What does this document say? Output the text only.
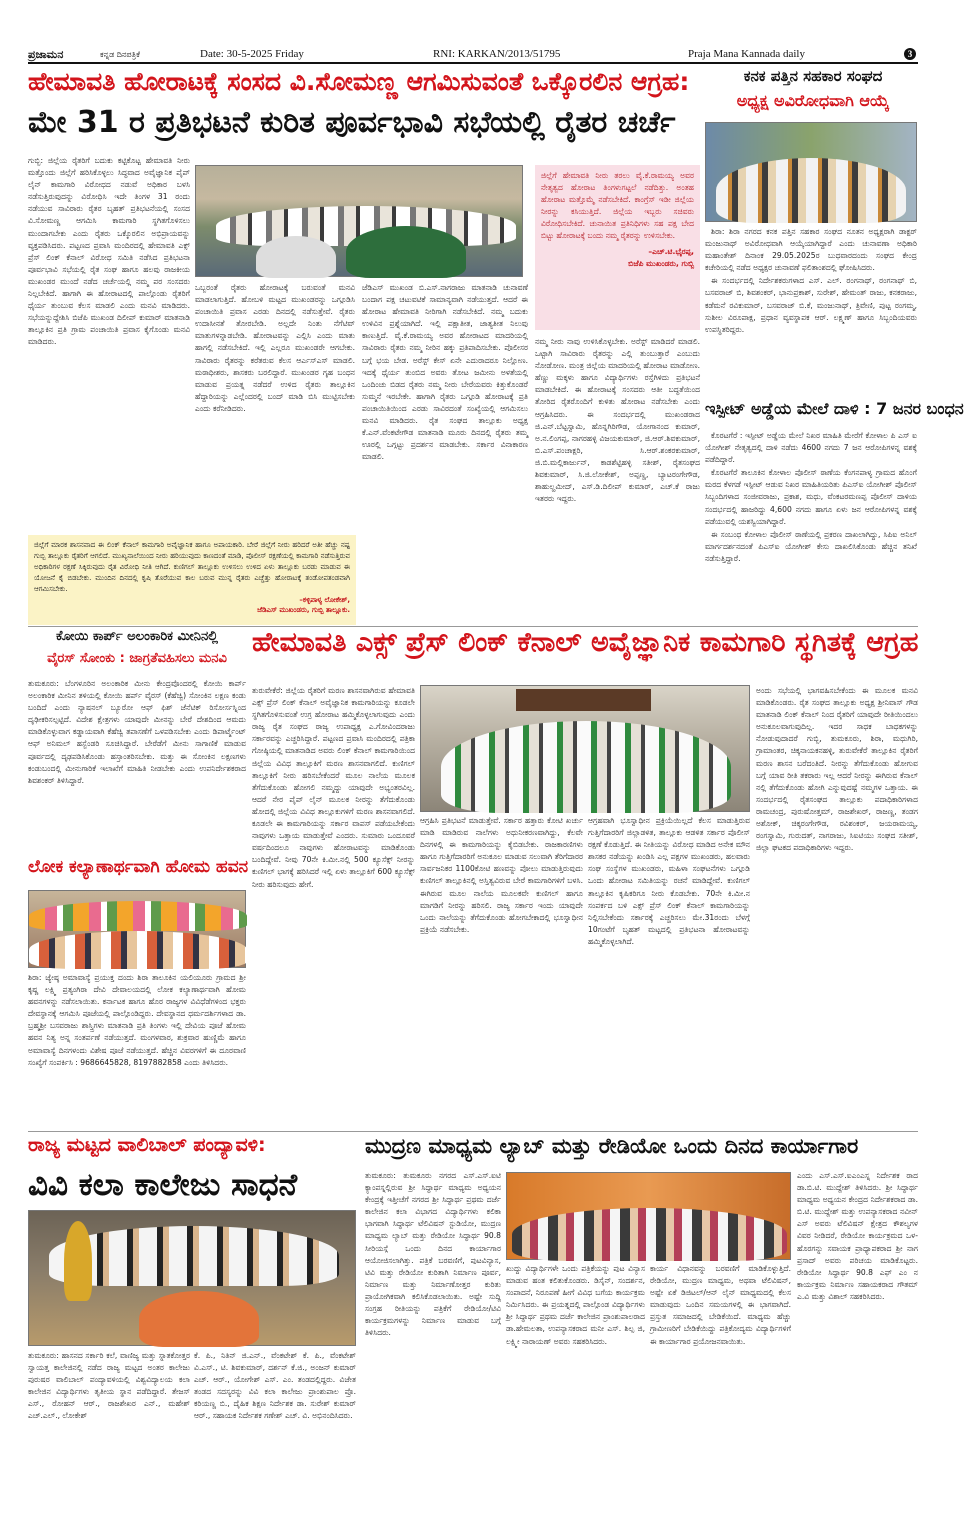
ಪ್ರಜಾಮನ	ಕನ್ನಡ ದಿನಪತ್ರಿಕೆ	Date: 30-5-2025 Friday	RNI: KARKAN/2013/51795	Praja Mana Kannada daily	3
ಹೇಮಾವತಿ ಹೋರಾಟಕ್ಕೆ ಸಂಸದ ವಿ.ಸೋಮಣ್ಣ ಆಗಮಿಸುವಂತೆ ಒಕ್ಕೊರಲಿನ ಆಗ್ರಹ:
ಮೇ 31 ರ ಪ್ರತಿಭಟನೆ ಕುರಿತ ಪೂರ್ವಭಾವಿ ಸಭೆಯಲ್ಲಿ ರೈತರ ಚರ್ಚೆ
ಗುಬ್ಬಿ: ಜಿಲ್ಲೆಯ ರೈತರಿಗೆ ಬದುಕು ಕಟ್ಟಿಕೊಟ್ಟ ಹೇಮಾವತಿ ನೀರು ಮತ್ತೊಂದು ಜಿಲ್ಲೆಗೆ ಹರಿಸಿಕೊಳ್ಳಲು ಸಿದ್ಧವಾದ ಅವೈಜ್ಞಾನಿಕ ಪೈಪ್ ಲೈನ್ ಕಾಮಗಾರಿ ವಿರೋಧದ ನಡುವೆ ಅಧಿಕಾರ ಬಳಸಿ ನಡೆಸುತ್ತಿರುವುದನ್ನು ವಿರೋಧಿಸಿ ಇದೇ ತಿಂಗಳ 31 ರಂದು ನಡೆಯುವ ಸಾವಿರಾರು ರೈತರ ಬೃಹತ್ ಪ್ರತಿಭಟನೆಯಲ್ಲಿ ಸಂಸದ ವಿ.ಸೋಮಣ್ಣ ಆಗಮಿಸಿ ಕಾಮಗಾರಿ ಸ್ಥಗಿತಗೊಳಿಸಲು ಮುಂದಾಗಬೇಕು ಎಂದು ರೈತರು ಒಕ್ಕೊರಲಿನ ಅಭಿಪ್ರಾಯವನ್ನು ವ್ಯಕ್ತಪಡಿಸಿದರು. ಪಟ್ಟಣದ ಪ್ರವಾಸಿ ಮಂದಿರದಲ್ಲಿ ಹೇಮಾವತಿ ಎಕ್ಸ್ ಪ್ರೆಸ್ ಲಿಂಕ್ ಕೆನಾಲ್ ವಿರೋಧ ಸಮಿತಿ ನಡೆಸಿದ ಪ್ರತಿಭಟನಾ ಪೂರ್ವಭಾವಿ ಸಭೆಯಲ್ಲಿ ರೈತ ಸಂಘ ಹಾಗೂ ಹಲವು ರಾಜಕೀಯ ಮುಖಂಡರ ಮುಂದೆ ನಡೆದ ಚರ್ಚೆಯಲ್ಲಿ ನಮ್ಮ ಪರ ಸಂಸದರು ನಿಲ್ಲಬೇಕಿದೆ. ಹಾಗಾಗಿ ಈ ಹೋರಾಟದಲ್ಲಿ ಪಾಲ್ಗೊಂಡು ರೈತರಿಗೆ ಧೈರ್ಯ ತುಂಬುವ ಕೆಲಸ ಮಾಡಲಿ ಎಂದು ಮನವಿ ಮಾಡಿದರು. ಸಭೆಯನ್ನುದ್ದೇಶಿಸಿ ಬಿಜೆಪಿ ಮುಖಂಡ ದಿಲೀಪ್ ಕುಮಾರ್ ಮಾತನಾಡಿ ತಾಲ್ಲೂಕಿನ ಪ್ರತಿ ಗ್ರಾಮ ಪಂಚಾಯಿತಿ ಪ್ರವಾಸ ಕೈಗೊಂಡು ಮನವಿ ಮಾಡಿದರು.
ಜಿಲ್ಲೆಗೆ ಹೇಮಾವತಿ ನೀರು ತರಲು ವೈ.ಕೆ.ರಾಮಯ್ಯ ಅವರ ನೇತೃತ್ವದ ಹೋರಾಟ ತಿಂಗಳುಗಟ್ಟಲೆ ನಡೆದಿತ್ತು. ಅಂತಹ ಹೋರಾಟ ಮತ್ತೊಮ್ಮೆ ನಡೆಸಬೇಕಿದೆ. ಕಾಂಗ್ರೆಸ್ ಇಡೀ ಜಿಲ್ಲೆಯ ನೀರನ್ನು ಕಸಿಯುತ್ತಿದೆ. ಜಿಲ್ಲೆಯ ಇಬ್ಬರು ಸಚಿವರು ವಿರೋಧಿಸಬೇಕಿದೆ. ಚುನಾಯಿತ ಪ್ರತಿನಿಧಿಗಳು ಸಹ ಪಕ್ಷ ಬೇದ ಬಿಟ್ಟು ಹೋರಾಟಕ್ಕೆ ಬಂದು ನಮ್ಮ ರೈತರನ್ನು ಉಳಿಸಬೇಕು.
–ಎಚ್.ಟಿ.ಭೈರಪ್ಪ,
ಬಿಜೆಪಿ ಮುಖಂಡರು, ಗುಬ್ಬಿ
ಒಬ್ಬರಂತೆ ರೈತರು ಹೋರಾಟಕ್ಕೆ ಬರುವಂತೆ ಮನವಿ ಮಾಡಲಾಗುತ್ತಿದೆ. ಹೋಬಳಿ ಮಟ್ಟದ ಮುಖಂಡರನ್ನು ಒಗ್ಗೂಡಿಸಿ ಪಂಚಾಯಿತಿ ಪ್ರವಾಸ ಎರಡು ದಿನದಲ್ಲಿ ನಡೆಸುತ್ತೇವೆ. ರೈತರು ಉದಾಸೀನತೆ ತೋರಬೇಡಿ. ಅಲ್ಲದೇ ನಿಂತು ನೆಗೆಟಿವ್ ಮಾತುಗಳನ್ನಾಡಬೇಡಿ. ಹೋರಾಟವನ್ನು ಎಲ್ಲಿಸಿ ಎಂದು ಮಾತು ಹಾಗಲ್ಲಿ ನಡೆಸಬೇಕಿದೆ. ಇಲ್ಲಿ ಎಲ್ಲರೂ ಮುಖಂಡರೇ ಆಗಬೇಕು. ಸಾವಿರಾರು ರೈತರನ್ನು ಕರೆತರುವ ಕೆಲಸ ಆರ್ಎಸ್ಎಸ್ ಮಾಡಲಿ. ಮಠಾಧೀಶರು, ಶಾಸಕರು ಬರಲಿದ್ದಾರೆ. ಮುಖಂಡರ ಗೃಹ ಬಂಧನ ಮಾಡುವ ಪ್ರಯತ್ನ ನಡೆದರೆ ಉಳಿದ ರೈತರು ತಾಲ್ಲೂಕಿನ ಹೆದ್ದಾರಿಯನ್ನು ಎಲ್ಲೆಂದರಲ್ಲಿ ಬಂದ್ ಮಾಡಿ ಬಿಸಿ ಮುಟ್ಟಿಸಬೇಕು ಎಂದು ಕರೆನೀಡಿದರು.
ಜೆಡಿಎಸ್ ಮುಖಂಡ ಬಿ.ಎಸ್.ನಾಗರಾಜು ಮಾತನಾಡಿ ಚುನಾವಣೆ ಬಂದಾಗ ಪಕ್ಷ ಚಟುವಟಿಕೆ ಸಾಮಾನ್ಯವಾಗಿ ನಡೆಯುತ್ತದೆ. ಆದರೆ ಈ ಹೋರಾಟ ಹೇಮಾವತಿ ನೀರಿಗಾಗಿ ನಡೆಸಬೇಕಿದೆ. ನಮ್ಮ ಬದುಕು ಉಳಿವಿನ ಪ್ರಶ್ನೆಯಾಗಿದೆ. ಇಲ್ಲಿ ಪಕ್ಷಾತೀತ, ಜಾತ್ಯತೀತ ನಿಲುವು ಕಾಣುತ್ತಿದೆ. ವೈ.ಕೆ.ರಾಮಯ್ಯ ಅವರ ಹೋರಾಟದ ಮಾದರಿಯಲ್ಲಿ ಸಾವಿರಾರು ರೈತರು ನಮ್ಮ ನೀರಿನ ಹಕ್ಕು ಪ್ರತಿಪಾದಿಸಬೇಕು. ಪೊಲೀಸರ ಬಗ್ಗೆ ಭಯ ಬೇಡ. ಅರೆಸ್ಟ್ ಕೇಸ್ ಏನೇ ಎದುರಾದರೂ ನಿಲ್ಲೋಣ. ಇದಕ್ಕೆ ಧೈರ್ಯ ತುಂಬಿದ ಅವರು ತೋಟ ಜಮೀನು ಅಳತೆಯಲ್ಲಿ ಒಂದಿಂಚು ಬಿಡದ ರೈತರು ನಮ್ಮ ನೀರು ಬೇರೆಯವರು ಕಿತ್ತುಕೊಂಡರೆ ಸುಮ್ಮನೆ ಇರಬೇಕೇ. ಹಾಗಾಗಿ ರೈತರು ಒಗ್ಗೂಡಿ ಹೋರಾಟಕ್ಕೆ ಪ್ರತಿ ಪಂಚಾಯಿತಿಯಿಂದ ಎರಡು ಸಾವಿರದಂತೆ ಸಂಖ್ಯೆಯಲ್ಲಿ ಆಗಮಿಸಲು ಮನವಿ ಮಾಡಿದರು. ರೈತ ಸಂಘದ ತಾಲ್ಲೂಕು ಅಧ್ಯಕ್ಷ ಕೆ.ಎನ್.ವೆಂಕಟೇಗೌಡ ಮಾತನಾಡಿ ಮೂರು ದಿನದಲ್ಲಿ ರೈತರು ತಮ್ಮ ಊರಲ್ಲಿ ಒಗ್ಗಟ್ಟು ಪ್ರದರ್ಶನ ಮಾಡಬೇಕು. ಸರ್ಕಾರ ವಿನಾಕಾರಣ ಮಾಡಲಿ.
ನಮ್ಮ ನೀರು ನಾವು ಉಳಿಸಿಕೊಳ್ಳಬೇಕು. ಅರೆಸ್ಟ್ ಮಾಡಿದರೆ ಮಾಡಲಿ. ಒಟ್ಟಾಗಿ ಸಾವಿರಾರು ರೈತರನ್ನು ಎಲ್ಲಿ ತುಂಬುತ್ತಾರೆ ಎಂಬುದು ನೋಡೋಣ. ಮಂತ್ರ ಜಿಲ್ಲೆಯ ಮಾದರಿಯಲ್ಲಿ ಹೋರಾಟ ಮಾಡೋಣ. ಹೆಣ್ಣು ಮಕ್ಕಳು ಹಾಗೂ ವಿದ್ಯಾರ್ಥಿಗಳು ರಸ್ತೆಗಿಳಿದು ಪ್ರತಿಭಟನೆ ಮಾಡಬೇಕಿದೆ. ಈ ಹೋರಾಟಕ್ಕೆ ಸಂಸದರು ಆತೀ ಬದ್ಧತೆಯಿಂದ ತೋರಿದ ರೈತರೊಂದಿಗೆ ಕುಳಿತು ಹೋರಾಟ ನಡೆಸಬೇಕು ಎಂದು ಆಗ್ರಹಿಸಿದರು. ಈ ಸಂದರ್ಭದಲ್ಲಿ ಮುಖಂಡರಾದ ಜಿ.ಎನ್.ಬೆಟ್ಟಸ್ವಾಮಿ, ಹೊನ್ನಗಿರಿಗೌಡ, ಯೋಗಾನಂದ ಕುಮಾರ್, ಅ.ನ.ಲಿಂಗಪ್ಪ, ನಾಗರಹಳ್ಳಿ ವಿಜಯಕುಮಾರ್, ಜಿ.ಆರ್.ಶಿವಕುಮಾರ್, ಬಿ.ಎಸ್.ಪಂಚಾಕ್ಷರಿ, ಸಿ.ಆರ್.ಶಂಕರಕುಮಾರ್, ಜಿ.ಬಿ.ಮಲ್ಲಿಕಾರ್ಜುನ್, ಕಾಡಶೆಟ್ಟಿಹಳ್ಳಿ ಸತೀಶ್, ರೈತಸಂಘದ ಶಿವಕುಮಾರ್, ಸಿ.ಜಿ.ಲೋಕೇಶ್, ಅಪ್ಪಣ್ಣ, ಬ್ಯಾಟರಂಗೇಗೌಡ, ಶಾಹುಲ್ಹಮೀದ್, ಎಸ್.ಡಿ.ದಿಲೀಪ್ ಕುಮಾರ್, ಎಚ್.ಕೆ ರಾಜು ಇತರರು ಇದ್ದರು.
ಜಿಲ್ಲೆಗೆ ಮಾರಕ ಶಾಸನವಾದ ಈ ಲಿಂಕ್ ಕೆನಾಲ್ ಕಾಮಗಾರಿ ಅವೈಜ್ಞಾನಿಕ ಹಾಗೂ ಅಪಾಯಕಾರಿ. ಬೇರೆ ಜಿಲ್ಲೆಗೆ ನೀರು ಹರಿದರೆ ಅತೀ ಹೆಚ್ಚು ನಷ್ಟ ಗುಬ್ಬಿ ತಾಲ್ಲೂಕು ರೈತರಿಗೆ ಆಗಲಿದೆ. ಮುಖ್ಯನಾಲೆಯಿಂದ ನೀರು ಹರಿಯುವುದು ಕಾಣದಂತೆ ಮಾಡಿ, ಪೊಲೀಸ್ ರಕ್ಷಣೆಯಲ್ಲಿ ಕಾಮಗಾರಿ ನಡೆಸುತ್ತಿರುವ ಅಧಿಕಾರಿಗಳ ರಕ್ಷಣೆ ಸಿಕ್ಕಿರುವುದು ರೈತ ವಿರೋಧಿ ನೀತಿ ಆಗಿದೆ. ಕುಣಿಗಲ್ ತಾಲ್ಲೂಕು ಉಳಿಸಲು ಉಳಿದ ಏಳು ತಾಲ್ಲೂಕು ಬರಡು ಮಾಡುವ ಈ ಯೋಜನೆ ಕೈ ಬಿಡಬೇಕು. ಮುಂದಿನ ದಿನದಲ್ಲಿ ಕೃಷಿ ತೊರೆಯುವ ಕಾಲ ಬರುವ ಮುನ್ನ ರೈತರು ಎಚ್ಚೆತ್ತು ಹೋರಾಟಕ್ಕೆ ತಂಡೋಪತಂಡವಾಗಿ ಆಗಮಿಸಬೇಕು.
–ಕಳ್ಳಿಪಾಳ್ಯ ಲೋಕೇಶ್,
ಜೆಡಿಎಸ್ ಮುಖಂಡರು, ಗುಬ್ಬಿ ತಾಲ್ಲೂಕು.
ಕನಕ ಪತ್ತಿನ ಸಹಕಾರ ಸಂಘದ
ಅಧ್ಯಕ್ಷ ಅವಿರೋಧವಾಗಿ ಆಯ್ಕೆ

ಶಿರಾ: ಶಿರಾ ನಗರದ ಕನಕ ಪತ್ತಿನ ಸಹಕಾರ ಸಂಘದ ನೂತನ ಅಧ್ಯಕ್ಷರಾಗಿ ಡಾಕ್ಟರ್ ಮಂಜುನಾಥ್ ಅವಿರೋಧವಾಗಿ ಆಯ್ಕೆಯಾಗಿದ್ದಾರೆ ಎಂದು ಚುನಾವಣಾ ಅಧಿಕಾರಿ ಮಹಾಂತೇಶ್ ದಿನಾಂಕ 29.05.2025ರ ಬುಧವಾರದಂದು ಸಂಘದ ಕೇಂದ್ರ ಕಚೇರಿಯಲ್ಲಿ ನಡೆದ ಅಧ್ಯಕ್ಷರ ಚುನಾವಣೆ ಫಲಿತಾಂಶದಲ್ಲಿ ಘೋಷಿಸಿದರು.

ಈ ಸಂದರ್ಭದಲ್ಲಿ ನಿರ್ದೇಶಕರುಗಳಾದ ಎಸ್. ಎಲ್. ರಂಗನಾಥ್, ರಂಗನಾಥ್ ಬಿ, ಬಸವರಾಜ್ ಬಿ, ಶಿವಶಂಕರ್, ಭಾನುಪ್ರಕಾಶ್, ಸುರೇಶ್, ಹೇಮಂತ್ ರಾಜು, ಕನಕರಾಜು, ಕಡೆಮನೆ ರವಿಕುಮಾರ್, ಬಸವರಾಜ್ ಬಿ.ಕೆ, ಮಂಜುನಾಥ್, ತ್ರಿವೇಣಿ, ಪುಟ್ಟ ರಂಗಮ್ಮ, ಸುಶೀಲ ವಿರೂಪಾಕ್ಷ, ಪ್ರಧಾನ ವ್ಯವಸ್ಥಾಪಕ ಆರ್. ಲಕ್ಷ್ಮಣ್ ಹಾಗೂ ಸಿಬ್ಬಂದಿಯವರು ಉಪಸ್ಥಿತರಿದ್ದರು.

ಇಸ್ಪೀಟ್ ಅಡ್ಡೆಯ ಮೇಲೆ ದಾಳಿ : 7 ಜನರ ಬಂಧನ

ಕೊರಟಗೆರೆ : ಇಸ್ಪೀಟ್ ಅಡ್ಡೆಯ ಮೇಲೆ ನಿಖರ ಮಾಹಿತಿ ಮೇರೆಗೆ ಕೋಳಾಲ ಪಿ ಎಸ್ ಐ ಯೋಗೀಶ್ ನೇತೃತ್ವದಲ್ಲಿ ದಾಳಿ ನಡೆದು 4600 ನಗದು 7 ಜನ ಆರೋಪಿಗಳನ್ನ ವಶಕ್ಕೆ ಪಡೆದಿದ್ದಾರೆ.

ಕೊರಟಗೆರೆ ತಾಲೂಕಿನ ಕೋಳಾಲ ಪೊಲೀಸ್ ಠಾಣೆಯ ಕೆಂಗನಪಾಳ್ಯ ಗ್ರಾಮದ ಹೊಂಗೆ ಮರದ ಕೆಳಗಡೆ ಇಸ್ಪೀಟ್ ಆಡುವ ನಿಖರ ಮಾಹಿತಿಯರಿತು ಪಿಎಸ್ಐ ಯೋಗೀಶ್ ಪೊಲೀಸ್ ಸಿಬ್ಬಂದಿಗಳಾದ ಸಂಜೀವರಾಜು, ಪ್ರಕಾಶ, ಮಧು, ವೆಂಕಟರಮಣಪ್ಪ ಪೊಲೀಸ್ ದಾಳಿಯ ಸಂದರ್ಭದಲ್ಲಿ ಹಾಜರಿದ್ದು 4,600 ನಗದು ಹಾಗೂ ಏಳು ಜನ ಆರೋಪಿಗಳನ್ನ ವಶಕ್ಕೆ ಪಡೆಯುವಲ್ಲಿ ಯಶಸ್ವಿಯಾಗಿದ್ದಾರೆ.

ಈ ಸಂಬಂಧ ಕೋಳಾಲ ಪೊಲೀಸ್ ಠಾಣೆಯಲ್ಲಿ ಪ್ರಕರಣ ದಾಖಲಾಗಿದ್ದು, ಸಿಪಿಐ ಅನಿಲ್ ಮಾರ್ಗದರ್ಶನದಂತೆ ಪಿಎಸ್ಐ ಯೋಗೀಶ್ ಕೇಸು ದಾಖಲಿಸಿಕೊಂಡು ಹೆಚ್ಚಿನ ತನಿಖೆ ನಡೆಸುತ್ತಿದ್ದಾರೆ.

ಕೋಯಿ ಕಾರ್ಪ್ ಅಲಂಕಾರಿಕ ಮೀನಿನಲ್ಲಿ
ವೈರಸ್ ಸೋಂಕು : ಜಾಗ್ರತೆವಹಿಸಲು ಮನವಿ
ತುಮಕೂರು: ಬೆಂಗಳೂರಿನ ಅಲಂಕಾರಿಕ ಮೀನು ಕೇಂದ್ರವೊಂದರಲ್ಲಿ ಕೋಯಿ ಕಾರ್ಪ್ ಅಲಂಕಾರಿಕ ಮೀನಿನ ತಳಿಯಲ್ಲಿ ಕೋಯಿ ಹರ್ಪ್ ವೈರಸ್ (ಕೆಹೆಚ್ವಿ) ಸೋಂಕಿನ ಲಕ್ಷಣ ಕಂಡು ಬಂದಿದೆ ಎಂದು ನ್ಯಾಷನಲ್ ಬ್ಯೂರೋ ಆಫ್ ಫಿಶ್ ಜೆನೆಟಿಕ್ ರಿಸೋರ್ಸಸ್ನಿಂದ ದೃಢೀಕರಿಸಲ್ಪಟ್ಟಿದೆ. ವಿದೇಶ ಕ್ಷೇತ್ರಗಳು ಯಾವುದೇ ಮೀನನ್ನು ಬೇರೆ ದೇಶದಿಂದ ಆಮದು ಮಾಡಿಕೊಳ್ಳುವಾಗ ಕಡ್ಡಾಯವಾಗಿ ಕೆಹೆಚ್ವಿ ತಪಾಸಣೆಗೆ ಒಳಪಡಿಸಬೇಕು ಎಂದು ಡಿಪಾರ್ಟ್ಮೆಂಟ್ ಆಫ್ ಅನಿಮಲ್ ಹಸ್ಬೆಂಡರಿ ಸೂಚಿಸಿದ್ದಾರೆ. ಬೇರೆಡೆಗೆ ಮೀನು ಸಾಗಾಣಿಕೆ ಮಾಡುವ ಪೂರ್ವದಲ್ಲಿ ದೃಢಪಡಿಸಿಕೊಂಡು ಹಸ್ತಾಂತರಿಸಬೇಕು. ಮತ್ತು ಈ ಸೋಂಕಿನ ಲಕ್ಷಣಗಳು ಕಂಡುಬಂದಲ್ಲಿ ಮೀನುಗಾರಿಕೆ ಇಲಾಖೆಗೆ ಮಾಹಿತಿ ನೀಡಬೇಕು ಎಂದು ಉಪನಿರ್ದೇಶಕರಾದ ಶಿವಶಂಕರ್ ತಿಳಿಸಿದ್ದಾರೆ.
ಲೋಕ ಕಲ್ಯಾಣಾರ್ಥವಾಗಿ ಹೋಮ ಹವನ
ಶಿರಾ: ಜ್ಯೇಷ್ಠ ಅಮಾವಾಸ್ಯೆ ಪ್ರಯುಕ್ತ ದಂದು ಶಿರಾ ತಾಲೂಕಿನ ಯಲಿಯೂರು ಗ್ರಾಮದ ಶ್ರೀ ಕೃಷ್ಣ ಲಕ್ಷ್ಮಿ ಪ್ರತ್ಯಂಗಿರಾ ದೇವಿ ದೇವಾಲಯದಲ್ಲಿ ಲೋಕ ಕಲ್ಯಾಣಾರ್ಥವಾಗಿ ಹೋಮ ಹವನಗಳನ್ನು ನಡೆಸಲಾಯಿತು. ಕರ್ನಾಟಕ ಹಾಗೂ ಹೊರ ರಾಜ್ಯಗಳ ವಿವಿಧೆಡೆಗಳಿಂದ ಭಕ್ತರು ದೇವಸ್ಥಾನಕ್ಕೆ ಆಗಮಿಸಿ ಪೂಜೆಯಲ್ಲಿ ಪಾಲ್ಗೊಂಡಿದ್ದರು. ದೇವಸ್ಥಾನದ ಧರ್ಮದರ್ಶಿಗಳಾದ ಡಾ. ಬ್ರಹ್ಮಶ್ರೀ ಬಸವರಾಜು ಶಾಸ್ತ್ರಿಗಳು ಮಾತನಾಡಿ ಪ್ರತಿ ತಿಂಗಳು ಇಲ್ಲಿ ದೇವಿಯ ಪೂಜೆ ಹೋಮ ಹವನ ನಿತ್ಯ ಅನ್ನ ಸಂತರ್ಪಣೆ ನಡೆಯುತ್ತದೆ. ಮಂಗಳವಾರ, ಶುಕ್ರವಾರ ಹುಣ್ಣಿಮೆ ಹಾಗೂ ಅಮಾವಾಸ್ಯೆ ದಿನಗಳಂದು ವಿಶೇಷ ಪೂಜೆ ನಡೆಯುತ್ತದೆ. ಹೆಚ್ಚಿನ ವಿವರಗಳಿಗೆ ಈ ದೂರವಾಣಿ ಸಂಖ್ಯೆಗೆ ಸಂಪರ್ಕಿಸಿ : 9686645828, 8197882858 ಎಂದು ತಿಳಿಸಿದರು.
ಹೇಮಾವತಿ ಎಕ್ಸ್ ಪ್ರೆಸ್ ಲಿಂಕ್ ಕೆನಾಲ್ ಅವೈಜ್ಞಾನಿಕ ಕಾಮಗಾರಿ ಸ್ಥಗಿತಕ್ಕೆ ಆಗ್ರಹ
ತುರುವೇಕೆರೆ: ಜಿಲ್ಲೆಯ ರೈತರಿಗೆ ಮರಣ ಶಾಸನವಾಗಿರುವ ಹೇಮಾವತಿ ಎಕ್ಸ್ ಪ್ರೆಸ್ ಲಿಂಕ್ ಕೆನಾಲ್ ಅವೈಜ್ಞಾನಿಕ ಕಾಮಗಾರಿಯನ್ನು ಕೂಡಲೇ ಸ್ಥಗಿತಗೊಳಿಸುವಂತೆ ಉಗ್ರ ಹೋರಾಟ ಹಮ್ಮಿಕೊಳ್ಳಲಾಗುವುದು ಎಂದು ರಾಜ್ಯ ರೈತ ಸಂಘದ ರಾಜ್ಯ ಉಪಾಧ್ಯಕ್ಷ ಎ.ಗೋವಿಂದರಾಜು ಸರ್ಕಾರವನ್ನು ಎಚ್ಚರಿಸಿದ್ದಾರೆ. ಪಟ್ಟಣದ ಪ್ರವಾಸಿ ಮಂದಿರದಲ್ಲಿ ಪತ್ರಿಕಾ ಗೋಷ್ಠಿಯಲ್ಲಿ ಮಾತನಾಡಿದ ಅವರು ಲಿಂಕ್ ಕೆನಾಲ್ ಕಾಮಗಾರಿಯಿಂದ ಜಿಲ್ಲೆಯ ವಿವಿಧ ತಾಲ್ಲೂಕಿಗೆ ಮರಣ ಶಾಸನವಾಗಲಿದೆ. ಕುಣಿಗಲ್ ತಾಲ್ಲೂಕಿಗೆ ನೀರು ಹರಿಸಬೇಕೆಂದರೆ ಮೂಲ ನಾಲೆಯ ಮೂಲಕ ತೆಗೆದುಕೊಂಡು ಹೋಗಲಿ ನಮ್ಮದ್ದು ಯಾವುದೇ ಅಭ್ಯಂತರವಿಲ್ಲ. ಆದರೆ ನೇರ ಪೈಪ್ ಲೈನ್ ಮೂಲಕ ನೀರನ್ನು ತೆಗೆದುಕೊಂಡು ಹೋದಲ್ಲಿ ಜಿಲ್ಲೆಯ ವಿವಿಧ ತಾಲ್ಲೂಕುಗಳಿಗೆ ಮರಣ ಶಾಸನವಾಗಲಿದೆ. ಕೂಡಲೇ ಈ ಕಾಮಗಾರಿಯನ್ನು ಸರ್ಕಾರ ವಾಪಸ್ ಪಡೆಯಬೇಕೆಂದು ನಾವುಗಳು ಒತ್ತಾಯ ಮಾಡುತ್ತೇವೆ ಎಂದರು. ಸುಮಾರು ಒಂದೂವರೆ ವರ್ಷದಿಂದಲೂ ನಾವುಗಳು ಹೋರಾಟವನ್ನು ಮಾಡಿಕೊಂಡು ಬಂದಿದ್ದೇವೆ. ನೀವು 70ನೇ ಕಿ.ಮೀ.ನಲ್ಲಿ 500 ಕ್ಯೂಸೆಕ್ಸ್ ನೀರನ್ನು ಕುಣಿಗಲ್ ಭಾಗಕ್ಕೆ ಹರಿಸಿದರೆ ಇಲ್ಲಿ ಏಳು ತಾಲ್ಲೂಕಿಗೆ 600 ಕ್ಯೂಸೆಕ್ಸ್ ನೀರು ಹರಿಸುವುದು ಹೇಗೆ.
ಆಗ್ರಹಿಸಿ ಪ್ರತಿಭಟನೆ ಮಾಡುತ್ತೇವೆ. ಸರ್ಕಾರ ಹತ್ತಾರು ಕೋಟಿ ಖರ್ಚು ಮಾಡಿ ಮಾಡಿರುವ ನಾಲೆಗಳು ಅಧುನೀಕರಣವಾಗಿದ್ದು, ಕೆಲವೇ ದಿನಗಳಲ್ಲಿ ಈ ಕಾಮಗಾರಿಯನ್ನು ಕೈಬಿಡಬೇಕು. ರಾಜಕಾರಣಿಗಳು ಹಾಗೂ ಗುತ್ತಿಗೆದಾರರಿಗೆ ಅನುಕೂಲ ಮಾಡುವ ಸಲುವಾಗಿ ತೆರಿಗೆದಾರರ ಸಾರ್ವಜನಿಕರ 1100ಕೋಟಿ ಹಣವನ್ನು ಪೋಲು ಮಾಡುತ್ತಿರುವುದು ಕುಣಿಗಲ್ ತಾಲ್ಲೂಕಿನಲ್ಲಿ ಅಸ್ತಿತ್ವವಿರುವ ಬೇರೆ ಕಾಮಗಾರಿಗಳಿಗೆ ಬಳಸಿ. ಈಗಿರುವ ಮೂಲ ನಾಲೆಯ ಮೂಲಕವೇ ಕುಣಿಗಲ್ ಹಾಗೂ ಮಾಗಡಿಗೆ ನೀರನ್ನು ಹರಿಸಲಿ. ರಾಜ್ಯ ಸರ್ಕಾರ ಇಂದು ಯಾವುದೇ ಒಂದು ನಾಲೆಯನ್ನು ತೆಗೆದುಕೊಂಡು ಹೋಗಬೇಕಾದಲ್ಲಿ ಭೂಸ್ವಾಧೀನ ಪ್ರಕ್ರಿಯೆ ನಡೆಸಬೇಕು.
ಆಗ್ರಹವಾಗಿ ಭೂಸ್ವಾಧೀನ ಪ್ರಕ್ರಿಯೆಯಿಲ್ಲದೆ ಕೆಲಸ ಮಾಡುತ್ತಿರುವ ಗುತ್ತಿಗೆದಾರರಿಗೆ ಜಿಲ್ಲಾಡಳಿತ, ತಾಲ್ಲೂಕು ಆಡಳಿತ ಸರ್ಕಾರ ಪೊಲೀಸ್ ರಕ್ಷಣೆ ಕೊಡುತ್ತಿದೆ. ಈ ನೀತಿಯನ್ನು ವಿರೋಧ ಮಾಡಿದ ಅನೇಕ ಮೌನ ಶಾಸಕರ ನಡೆಯನ್ನು ಖಂಡಿಸಿ ಎಲ್ಲ ಪಕ್ಷಗಳ ಮುಖಂಡರು, ಹಲವಾರು ಸಂಘ ಸಂಸ್ಥೆಗಳ ಮುಖಂಡರು, ಮಹಿಳಾ ಸಂಘಟನೆಗಳು ಒಗ್ಗೂಡಿ ಒಂದು ಹೋರಾಟ ಸಮಿತಿಯನ್ನು ರಚನೆ ಮಾಡಿದ್ದೇವೆ. ಕುಣಿಗಲ್ ತಾಲ್ಲೂಕಿನ ಕೃಷಿಕರಿಗೂ ನೀರು ಕೊಡಬೇಕು. 70ನೇ ಕಿ.ಮೀ.ನ ಸಂಪರ್ಕದ ಬಳಿ ಎಕ್ಸ್ ಪ್ರೆಸ್ ಲಿಂಕ್ ಕೆನಾಲ್ ಕಾಮಗಾರಿಯನ್ನು ನಿಲ್ಲಿಸಬೇಕೆಂದು ಸರ್ಕಾರಕ್ಕೆ ಎಚ್ಚರಿಸಲು ಮೇ.31ರಂದು ಬೆಳಗ್ಗೆ 10ಗಂಟೆಗೆ ಬೃಹತ್ ಮಟ್ಟದಲ್ಲಿ ಪ್ರತಿಭಟನಾ ಹೋರಾಟವನ್ನು ಹಮ್ಮಿಕೊಳ್ಳಲಾಗಿದೆ.
ಅಂದು ಸಭೆಯಲ್ಲಿ ಭಾಗವಹಿಸಬೇಕೆಂದು ಈ ಮೂಲಕ ಮನವಿ ಮಾಡಿಕೊಂಡರು. ರೈತ ಸಂಘದ ತಾಲ್ಲೂಕು ಅಧ್ಯಕ್ಷ ಶ್ರೀನಿವಾಸ್ ಗೌಡ ಮಾತನಾಡಿ ಲಿಂಕ್ ಕೆನಾಲ್ ನಿಂದ ರೈತರಿಗೆ ಯಾವುದೇ ರೀತಿಯಿಂದಲು ಅನುಕೂಲವಾಗುವುದಿಲ್ಲ. ಇದರ ಸಾಧಕ ಬಾಧಕಗಳನ್ನು ನೋಡುವುದಾದರೆ ಗುಬ್ಬಿ, ತುಮಕೂರು, ಶಿರಾ, ಮಧುಗಿರಿ, ಗ್ರಾಮಾಂತರ, ಚಿಕ್ಕನಾಯಕನಹಳ್ಳಿ, ತುರುವೇಕೆರೆ ತಾಲ್ಲೂಕಿನ ರೈತರಿಗೆ ಮರಣ ಶಾಸನ ಬರೆದಂತಿದೆ. ನೀರನ್ನು ತೆಗೆದುಕೊಂಡು ಹೋಗುವ ಬಗ್ಗೆ ಯಾವ ರೀತಿ ತಕರಾರು ಇಲ್ಲ ಆದರೆ ನೀರನ್ನು ಈಗಿರುವ ಕೆನಾಲ್ ನಲ್ಲಿ ತೆಗೆದುಕೊಂಡು ಹೋಗಿ ಎನ್ನುವುದಷ್ಟೆ ನಮ್ಮಗಳ ಒತ್ತಾಯ. ಈ ಸಂದರ್ಭದಲ್ಲಿ ರೈತಸಂಘದ ತಾಲ್ಲೂಕು ಪದಾಧಿಕಾರಿಗಳಾದ ರಾಮಚಂದ್ರ, ಪುರುಷೋತ್ತಮ್, ರಾಜಶೇಖರ್, ರಾಜಣ್ಣ, ತಂಡಗ ಅಶೋಕ್, ಚಿಕ್ಕರಂಗೇಗೌಡ, ರವಿಶಂಕರ್, ಜಯರಾಮಯ್ಯ, ರಂಗಸ್ವಾಮಿ, ಗುರುದತ್, ನಾಗರಾಜು, ಸಿಐಟಿಯು ಸಂಘದ ಸತೀಶ್, ಜಿಲ್ಲಾ ಘಟಕದ ಪದಾಧಿಕಾರಿಗಳು ಇದ್ದರು.
ರಾಜ್ಯ ಮಟ್ಟದ ವಾಲಿಬಾಲ್ ಪಂದ್ಯಾವಳಿ:
ವಿವಿ ಕಲಾ ಕಾಲೇಜು ಸಾಧನೆ
ತುಮಕೂರು: ಹಾಸನದ ಸರ್ಕಾರಿ ಕಲೆ, ವಾಣಿಜ್ಯ ಮತ್ತು ಸ್ನಾತಕೋತ್ತರ ಸ್ವಾಯತ್ತ ಕಾಲೇಜಿನಲ್ಲಿ ನಡೆದ ರಾಜ್ಯ ಮಟ್ಟದ ಅಂತರ ಕಾಲೇಜು ಪುರುಷರ ವಾಲಿಬಾಲ್ ಪಂದ್ಯಾವಳಿಯಲ್ಲಿ ವಿಶ್ವವಿದ್ಯಾಲಯ ಕಲಾ ಕಾಲೇಜಿನ ವಿದ್ಯಾರ್ಥಿಗಳು ತೃತೀಯ ಸ್ಥಾನ ಪಡೆದಿದ್ದಾರೆ. ತೇಜಸ್ ಎಸ್., ರೋಹನ್ ಆರ್., ರಾಜಶೇಖರ ಎನ್., ಮಹೇಶ್ ಎಚ್.ಎಲ್., ಲೋಕೇಶ್
ಕೆ. ಪಿ., ನಿತಿನ್ ಜಿ.ಎನ್., ವೆಂಕಟೇಶ್ ಕೆ. ಪಿ., ವೆಂಕಟೇಶ್ ವಿ.ಎಸ್., ಟಿ. ಶಿವಕುಮಾರ್, ದರ್ಶನ್ ಕೆ.ಜಿ., ಅಂಜನ್ ಕುಮಾರ್ ಎಚ್. ಆರ್., ಯೋಗೇಶ್ ಎಸ್. ಎಂ. ತಂಡದಲ್ಲಿದ್ದರು. ವಿಜೇತ ತಂಡದ ಸದಸ್ಯರನ್ನು ವಿವಿ ಕಲಾ ಕಾಲೇಜು ಪ್ರಾಂಶುಪಾಲ ಪ್ರೊ. ಕರಿಯಣ್ಣ ಬಿ., ದೈಹಿಕ ಶಿಕ್ಷಣ ನಿರ್ದೇಶಕ ಡಾ. ಸುರೇಶ್ ಕುಮಾರ್ ಆರ್., ಸಹಾಯಕ ನಿರ್ದೇಶಕ ಗಣೇಶ್ ಎಚ್. ವಿ. ಅಭಿನಂದಿಸಿದರು.
ಮುದ್ರಣ ಮಾಧ್ಯಮ ಲ್ಯಾಬ್ ಮತ್ತು ರೇಡಿಯೋ ಒಂದು ದಿನದ ಕಾರ್ಯಾಗಾರ
ತುಮಕೂರು: ತುಮಕೂರು ನಗರದ ಎಸ್.ಎಸ್.ಐಟಿ ಕ್ಯಾಂಪಸ್ನಲ್ಲಿರುವ ಶ್ರೀ ಸಿದ್ಧಾರ್ಥ ಮಾಧ್ಯಮ ಅಧ್ಯಯನ ಕೇಂದ್ರಕ್ಕೆ ಇತ್ತೀಚೆಗೆ ನಗರದ ಶ್ರೀ ಸಿದ್ಧಾರ್ಥ ಪ್ರಥಮ ದರ್ಜೆ ಕಾಲೇಜಿನ ಕಲಾ ವಿಭಾಗದ ವಿದ್ಯಾರ್ಥಿಗಳು ಕಲಿಕಾ ಭಾಗವಾಗಿ ಸಿದ್ಧಾರ್ಥ ಟೆಲಿವಿಷನ್ ಸ್ಟುಡಿಯೋ, ಮುದ್ರಣ ಮಾಧ್ಯಮ ಲ್ಯಾಬ್ ಮತ್ತು ರೇಡಿಯೋ ಸಿದ್ಧಾರ್ಥ 90.8 ಸೀರಿಯಸ್ಗೆ ಒಂದು ದಿನದ ಕಾರ್ಯಾಗಾರ ಆಯೋಜಿಸಲಾಗಿತ್ತು. ಪತ್ರಿಕೆ ಬರವಣಿಗೆ, ಪುಟವಿನ್ಯಾಸ, ಟಿವಿ ಮತ್ತು ರೇಡಿಯೋ ಕುರಿತಾಗಿ ನಿರ್ಮಾಣ ಪೂರ್ವ, ನಿರ್ಮಾಣ ಮತ್ತು ನಿರ್ಮಾಣೋತ್ತರ ಕುರಿತು ಪ್ರಾಯೋಗಿಕವಾಗಿ ಕಲಿಸಿಕೊಡಲಾಯಿತು. ಅಷ್ಟೇ ಸುದ್ದಿ ಸಂಗ್ರಹ ರೀತಿಯನ್ನು ಪತ್ರಿಕೆಗೆ ರೇಡಿಯೋ/ಟಿವಿ ಕಾರ್ಯಕ್ರಮಗಳನ್ನು ನಿರ್ಮಾಣ ಮಾಡುವ ಬಗ್ಗೆ ತಿಳಿಸಿದರು.
ಖುದ್ದು ವಿದ್ಯಾರ್ಥಿಗಳೇ ಒಂದು ಪತ್ರಿಕೆಯನ್ನು ಪುಟ ವಿನ್ಯಾಸ ಮಾಡುವ ಹಂತ ಕಲಿತುಕೊಂಡರು. ಡಿಸೈನ್, ಸಂದರ್ಶನ, ಸಂಪಾದನೆ, ನಿರೂಪಣೆ ಹೀಗೆ ವಿವಿಧ ಬಗೆಯ ಕಾರ್ಯಕ್ರಮ ನಿರ್ಮಿಸಿದರು. ಈ ಪ್ರಯತ್ನದಲ್ಲಿ ಪಾಲ್ಗೊಂಡ ವಿದ್ಯಾರ್ಥಿಗಳು ಶ್ರೀ ಸಿದ್ಧಾರ್ಥ ಪ್ರಥಮ ದರ್ಜೆ ಕಾಲೇಜಿನ ಪ್ರಾಂಶುಪಾಲರಾದ ಡಾ.ಹೇಮಲತಾ, ಉಪನ್ಯಾಸಕರಾದ ಮನೀ ಎಸ್. ಶಿಲ್ಪ ಜಿ, ಲಕ್ಷ್ಮೀ ನಾರಾಯಣ್ ಅವರು ಸಹಕರಿಸಿದರು.
ಕಾರ್ಯ ವಿಧಾನವನ್ನು ಬರವಣಿಗೆ ಮಾಡಿಕೊಳ್ಳುತ್ತಿದೆ. ರೇಡಿಯೋ, ಮುದ್ರಣ ಮಾಧ್ಯಮ, ಅಥವಾ ಟೆಲಿವಿಷನ್, ಅಷ್ಟೇ ಏಕೆ ಡಿಜಿಟಲ್/ಆನ್ ಲೈನ್ ಮಾಧ್ಯಮದಲ್ಲಿ ಕೆಲಸ ಮಾಡುವುದು ಒಂದಿನ ಸಮಯಗಳಲ್ಲಿ ಈ ಭಾಗವಾಗಿದೆ. ಪ್ರಸ್ತುತ ಸಮಾಜದಲ್ಲಿ ಬೇಡಿಕೆಯಿದೆ. ಮಾಧ್ಯಮ ಹೆಚ್ಚು ಗ್ರಾಮೀಣರಿಗೆ ಬೇಡಿಕೆಯಿದ್ದು ಪತ್ರಿಕೋದ್ಯಮ ವಿದ್ಯಾರ್ಥಿಗಳಿಗೆ ಈ ಕಾರ್ಯಾಗಾರ ಪ್ರಯೋಜನವಾಯಿತು.
ಎಂದು ಎಸ್.ಎಸ್.ಐಎಂಎಸ್ನ ನಿರ್ದೇಶಕ ರಾದ ಡಾ.ಬಿ.ಟಿ. ಮುದ್ದೇಶ್ ತಿಳಿಸಿದರು. ಶ್ರೀ ಸಿದ್ಧಾರ್ಥ ಮಾಧ್ಯಮ ಅಧ್ಯಯನ ಕೇಂದ್ರದ ನಿರ್ದೇಶಕರಾದ ಡಾ. ಬಿ.ಟಿ. ಮುದ್ದೇಶ್ ಮತ್ತು ಉಪನ್ಯಾಸಕರಾದ ನವೀನ್ ಎಸ್ ಅವರು ಟೆಲಿವಿಷನ್ ಕ್ಷೇತ್ರದ ಕೌಶಲ್ಯಗಳ ವಿವರ ನೀಡಿದರೆ, ರೇಡಿಯೋ ಕಾರ್ಯಕ್ರಮದ ಒಳ-ಹೊರಗನ್ನು ಸವಾಯಕ ಪ್ರಾಧ್ಯಾಪಕರಾದ ಶ್ರೀ ನಾಗ ಪ್ರಸಾದ್ ಅವರು ಪರಿಚಯ ಮಾಡಿಕೊಟ್ಟರು. ರೇಡಿಯೋ ಸಿದ್ಧಾರ್ಥ 90.8 ಎಫ್ ಎಂ ನ ಕಾರ್ಯಕ್ರಮ ನಿರ್ಮಾಣ ಸಹಾಯಕರಾದ ಗೌತಮ್ ಎ.ವಿ ಮತ್ತು ವಿಶಾಲ್ ಸಹಕರಿಸಿದರು.
